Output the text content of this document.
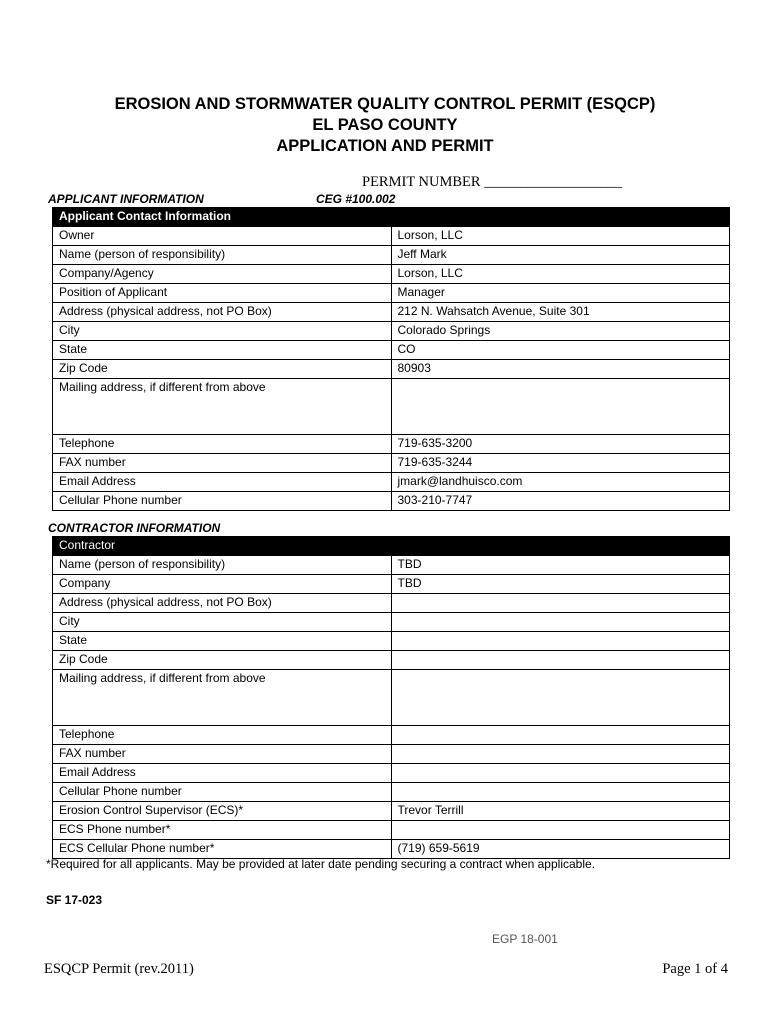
EROSION AND STORMWATER QUALITY CONTROL PERMIT (ESQCP)
EL PASO COUNTY
APPLICATION AND PERMIT
PERMIT NUMBER ___________________
APPLICANT INFORMATION	CEG #100.002
Applicant Contact Information	
Owner	Lorson, LLC
Name (person of responsibility)	Jeff Mark
Company/Agency	Lorson, LLC
Position of Applicant	Manager
Address (physical address, not PO Box)	212 N. Wahsatch Avenue, Suite 301
City	Colorado Springs
State	CO
Zip Code	80903
Mailing address, if different from above	
Telephone	719-635-3200
FAX number	719-635-3244
Email Address	jmark@landhuisco.com
Cellular Phone number	303-210-7747
CONTRACTOR INFORMATION
Contractor	
Name (person of responsibility)	TBD
Company	TBD
Address (physical address, not PO Box)	
City	
State	
Zip Code	
Mailing address, if different from above	
Telephone	
FAX number	
Email Address	
Cellular Phone number	
Erosion Control Supervisor (ECS)*	Trevor Terrill
ECS Phone number*	
ECS Cellular Phone number*	(719) 659-5619
*Required for all applicants. May be provided at later date pending securing a contract when applicable.
SF 17-023
EGP 18-001
ESQCP Permit (rev.2011)	Page 1 of 4
